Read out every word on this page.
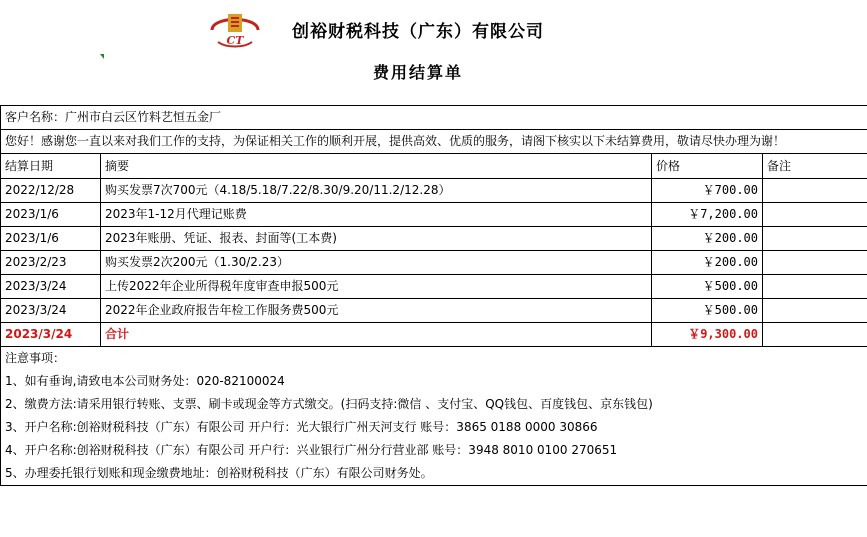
CT	创裕财税科技（广东）有限公司
费用结算单
客户名称：广州市白云区竹料艺恒五金厂			
您好！感谢您一直以来对我们工作的支持，为保证相关工作的顺利开展，提供高效、优质的服务，请阁下核实以下未结算费用，敬请尽快办理为谢！			
结算日期	摘要	价格	备注
2022/12/28	购买发票7次700元（4.18/5.18/7.22/8.30/9.20/11.2/12.28）	￥700.00	
2023/1/6	2023年1-12月代理记账费	￥7,200.00	
2023/1/6	2023年账册、凭证、报表、封面等(工本费)	￥200.00	
2023/2/23	购买发票2次200元（1.30/2.23）	￥200.00	
2023/3/24	上传2022年企业所得税年度审查申报500元	￥500.00	
2023/3/24	2022年企业政府报告年检工作服务费500元	￥500.00	
2023/3/24	合计	￥9,300.00	
注意事项：			
1、如有垂询,请致电本公司财务处：020-82100024			
2、缴费方法:请采用银行转账、支票、刷卡或现金等方式缴交。(扫码支持:微信 、支付宝、QQ钱包、百度钱包、京东钱包)			
3、开户名称:创裕财税科技（广东）有限公司 开户行：光大银行广州天河支行 账号：3865 0188 0000 30866			
4、开户名称:创裕财税科技（广东）有限公司 开户行：兴业银行广州分行营业部 账号：3948 8010 0100 270651			
5、办理委托银行划账和现金缴费地址：创裕财税科技（广东）有限公司财务处。			
